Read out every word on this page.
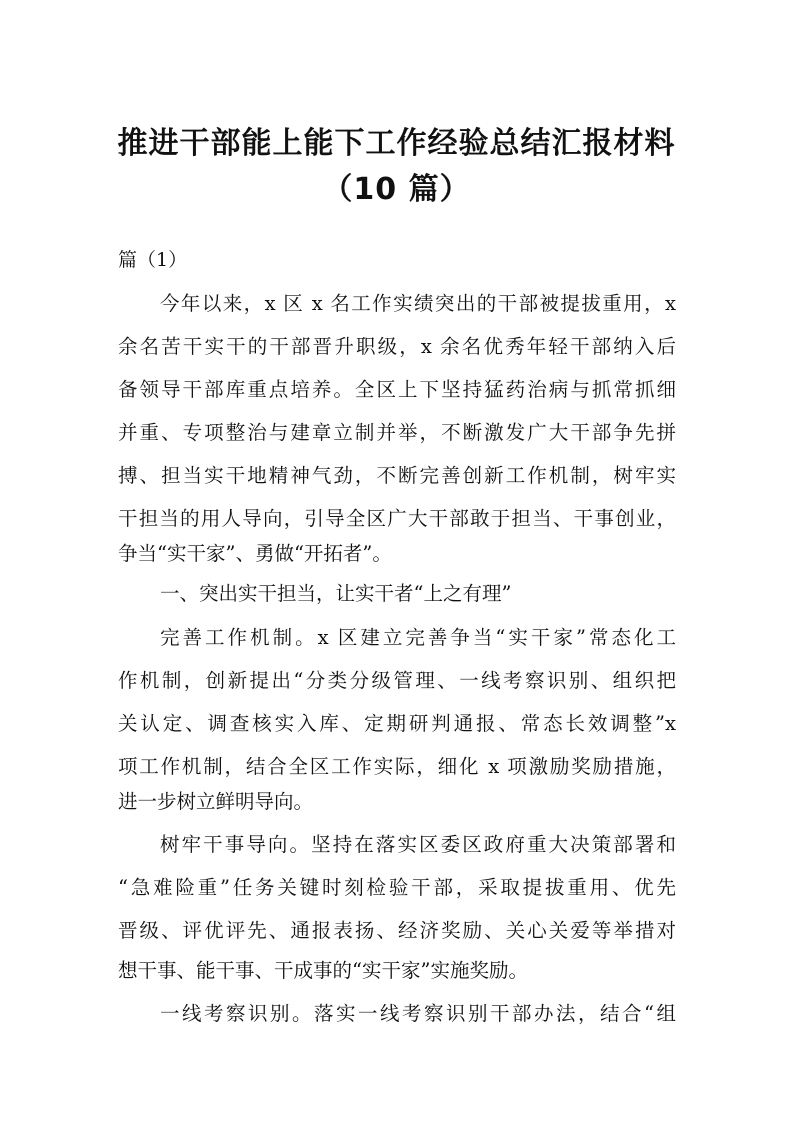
推进干部能上能下工作经验总结汇报材料
（10 篇）
篇（1）
今年以来，x 区 x 名工作实绩突出的干部被提拔重用，x
余名苦干实干的干部晋升职级，x 余名优秀年轻干部纳入后
备领导干部库重点培养。全区上下坚持猛药治病与抓常抓细
并重、专项整治与建章立制并举，不断激发广大干部争先拼
搏、担当实干地精神气劲，不断完善创新工作机制，树牢实
干担当的用人导向，引导全区广大干部敢于担当、干事创业，
争当“实干家”、勇做“开拓者”。
一、突出实干担当，让实干者“上之有理”
完善工作机制。x 区建立完善争当“实干家”常态化工
作机制，创新提出“分类分级管理、一线考察识别、组织把
关认定、调查核实入库、定期研判通报、常态长效调整”x
项工作机制，结合全区工作实际，细化 x 项激励奖励措施，
进一步树立鲜明导向。
树牢干事导向。坚持在落实区委区政府重大决策部署和
“急难险重”任务关键时刻检验干部，采取提拔重用、优先
晋级、评优评先、通报表扬、经济奖励、关心关爱等举措对
想干事、能干事、干成事的“实干家”实施奖励。
一线考察识别。落实一线考察识别干部办法，结合“组
